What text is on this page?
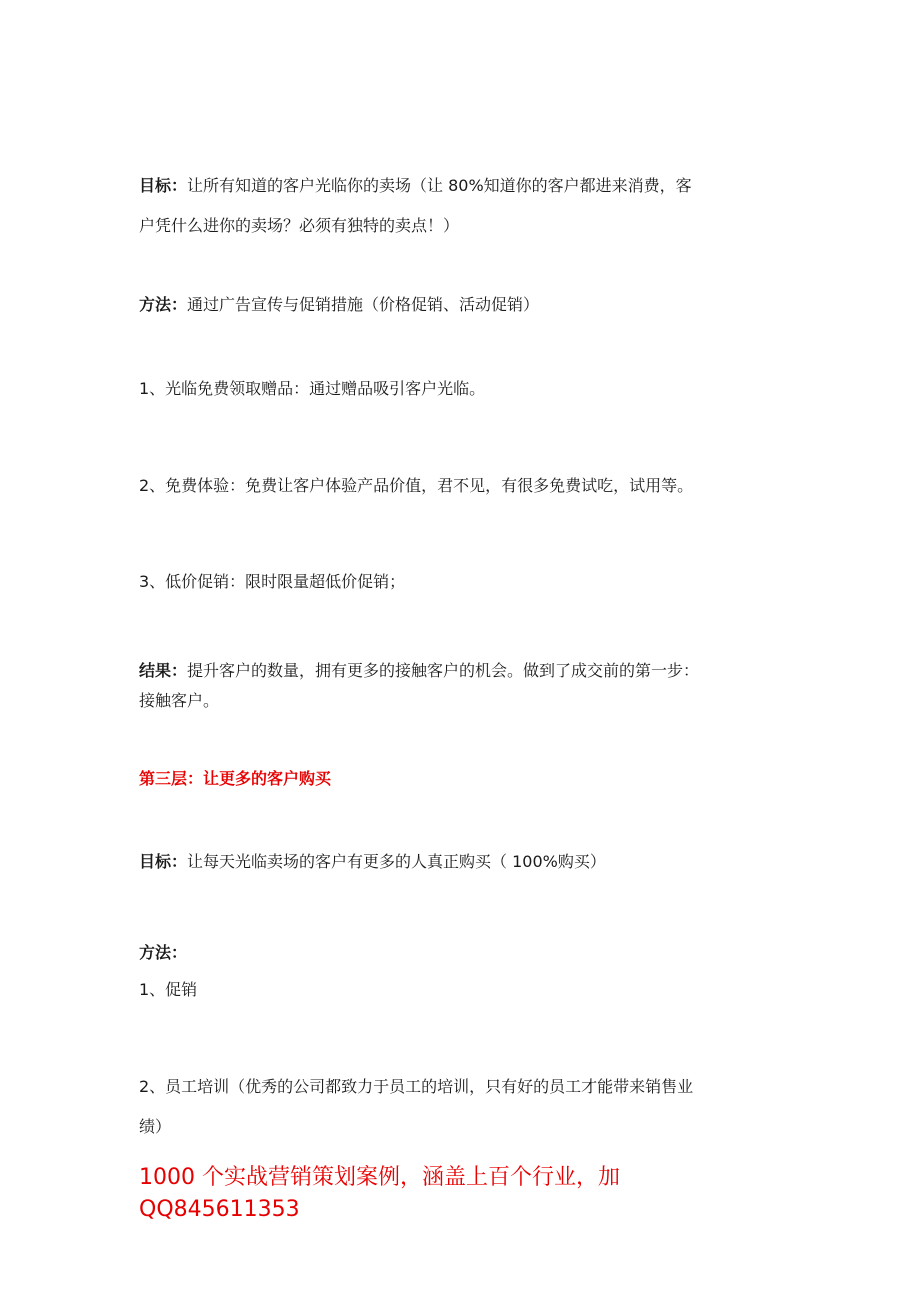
目标：让所有知道的客户光临你的卖场（让 80%知道你的客户都进来消费，客
户凭什么进你的卖场？必须有独特的卖点！）
方法：通过广告宣传与促销措施（价格促销、活动促销）
1、光临免费领取赠品：通过赠品吸引客户光临。
2、免费体验：免费让客户体验产品价值，君不见，有很多免费试吃，试用等。
3、低价促销：限时限量超低价促销；
结果：提升客户的数量，拥有更多的接触客户的机会。做到了成交前的第一步：
接触客户。
第三层：让更多的客户购买
目标：让每天光临卖场的客户有更多的人真正购买（ 100%购买）
方法：
1、促销
2、员工培训（优秀的公司都致力于员工的培训，只有好的员工才能带来销售业
绩）
1000 个实战营销策划案例，涵盖上百个行业，加
QQ845611353
